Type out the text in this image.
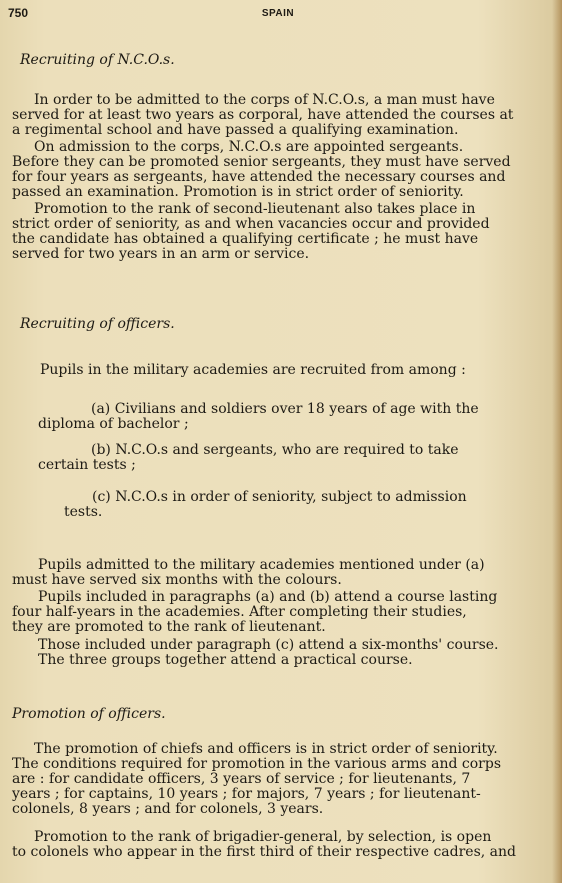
750	SPAIN
Recruiting of N.C.O.s.

In order to be admitted to the corps of N.C.O.s, a man must have
served for at least two years as corporal, have attended the courses at
a regimental school and have passed a qualifying examination.

On admission to the corps, N.C.O.s are appointed sergeants.
Before they can be promoted senior sergeants, they must have served
for four years as sergeants, have attended the necessary courses and
passed an examination. Promotion is in strict order of seniority.

Promotion to the rank of second-lieutenant also takes place in
strict order of seniority, as and when vacancies occur and provided
the candidate has obtained a qualifying certificate ; he must have
served for two years in an arm or service.

Recruiting of officers.

Pupils in the military academies are recruited from among :

(a) Civilians and soldiers over 18 years of age with the
diploma of bachelor ;

(b) N.C.O.s and sergeants, who are required to take
certain tests ;

(c) N.C.O.s in order of seniority, subject to admission
tests.

Pupils admitted to the military academies mentioned under (a)
must have served six months with the colours.

Pupils included in paragraphs (a) and (b) attend a course lasting
four half-years in the academies. After completing their studies,
they are promoted to the rank of lieutenant.

Those included under paragraph (c) attend a six-months' course.
The three groups together attend a practical course.

Promotion of officers.

The promotion of chiefs and officers is in strict order of seniority.
The conditions required for promotion in the various arms and corps
are : for candidate officers, 3 years of service ; for lieutenants, 7
years ; for captains, 10 years ; for majors, 7 years ; for lieutenant-
colonels, 8 years ; and for colonels, 3 years.

Promotion to the rank of brigadier-general, by selection, is open
to colonels who appear in the first third of their respective cadres, and
